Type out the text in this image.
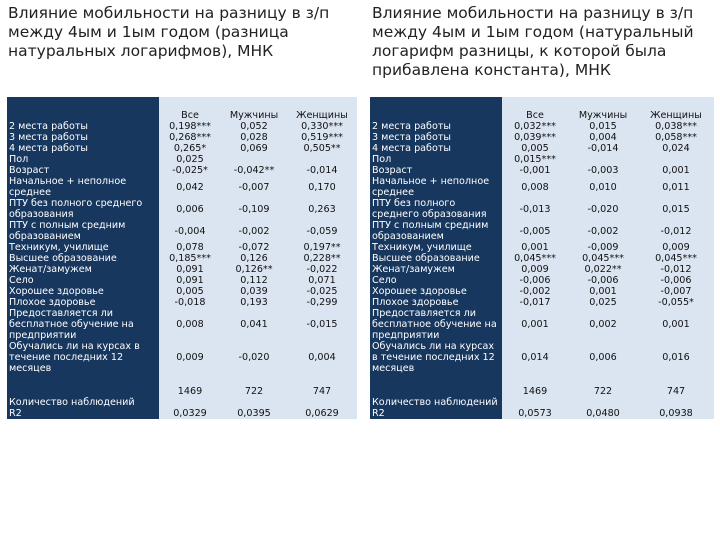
Влияние мобильности на разницу в з/п
между 4ым и 1ым годом (разница
натуральных логарифмов), МНК
Влияние мобильности на разницу в з/п
между 4ым и 1ым годом (натуральный
логарифм разницы, к которой была
прибавлена константа), МНК
	Все	Мужчины	Женщины
2 места работы	0,198***	0,052	0,330***
3 места работы	0,268***	0,028	0,519***
4 места работы	0,265*	0,069	0,505**
Пол	0,025		
Возраст	-0,025*	-0,042**	-0,014
Начальное + неполное среднее	0,042	-0,007	0,170
ПТУ без полного среднего образования	0,006	-0,109	0,263
ПТУ с полным средним образованием	-0,004	-0,002	-0,059
Техникум, училище	0,078	-0,072	0,197**
Высшее образование	0,185***	0,126	0,228**
Женат/замужем	0,091	0,126**	-0,022
Село	0,091	0,112	0,071
Хорошее здоровье	0,005	0,039	-0,025
Плохое здоровье	-0,018	0,193	-0,299
Предоставляется ли бесплатное обучение на предприятии	0,008	0,041	-0,015
Обучались ли на курсах в течение последних 12 месяцев	0,009	-0,020	0,004
Количество наблюдений	1469	722	747
R2	0,0329	0,0395	0,0629
	Все	Мужчины	Женщины
2 места работы	0,032***	0,015	0,038***
3 места работы	0,039***	0,004	0,058***
4 места работы	0,005	-0,014	0,024
Пол	0,015***		
Возраст	-0,001	-0,003	0,001
Начальное + неполное среднее	0,008	0,010	0,011
ПТУ без полного среднего образования	-0,013	-0,020	0,015
ПТУ с полным средним образованием	-0,005	-0,002	-0,012
Техникум, училище	0,001	-0,009	0,009
Высшее образование	0,045***	0,045***	0,045***
Женат/замужем	0,009	0,022**	-0,012
Село	-0,006	-0,006	-0,006
Хорошее здоровье	-0,002	0,001	-0,007
Плохое здоровье	-0,017	0,025	-0,055*
Предоставляется ли бесплатное обучение на предприятии	0,001	0,002	0,001
Обучались ли на курсах в течение последних 12 месяцев	0,014	0,006	0,016
Количество наблюдений	1469	722	747
R2	0,0573	0,0480	0,0938
